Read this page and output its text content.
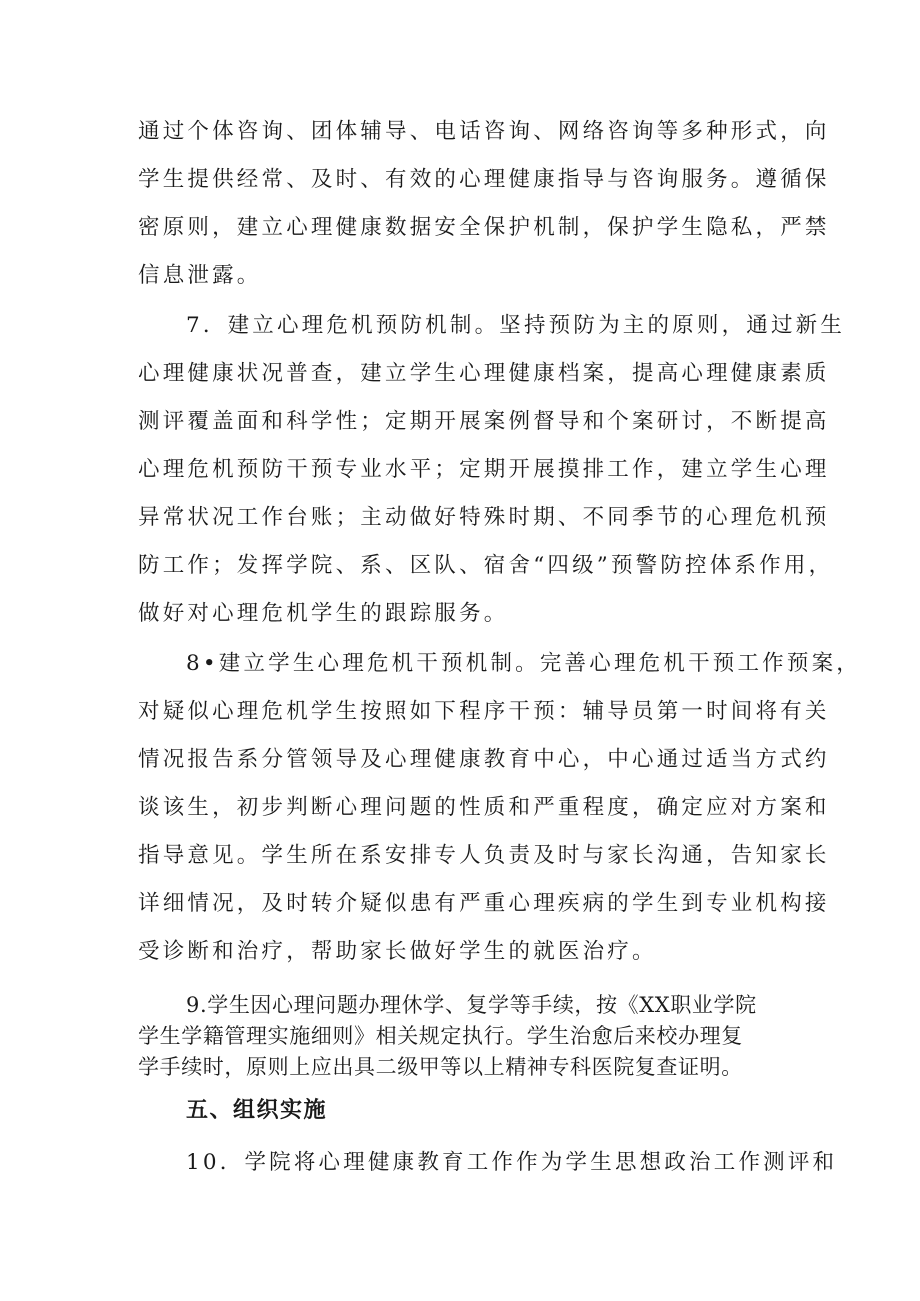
通过个体咨询、团体辅导、电话咨询、网络咨询等多种形式，向
学生提供经常、及时、有效的心理健康指导与咨询服务。遵循保
密原则，建立心理健康数据安全保护机制，保护学生隐私，严禁
信息泄露。
7．建立心理危机预防机制。坚持预防为主的原则，通过新生
心理健康状况普查，建立学生心理健康档案，提高心理健康素质
测评覆盖面和科学性；定期开展案例督导和个案研讨，不断提高
心理危机预防干预专业水平；定期开展摸排工作，建立学生心理
异常状况工作台账；主动做好特殊时期、不同季节的心理危机预
防工作；发挥学院、系、区队、宿舍“四级”预警防控体系作用，
做好对心理危机学生的跟踪服务。
8•建立学生心理危机干预机制。完善心理危机干预工作预案，
对疑似心理危机学生按照如下程序干预：辅导员第一时间将有关
情况报告系分管领导及心理健康教育中心，中心通过适当方式约
谈该生，初步判断心理问题的性质和严重程度，确定应对方案和
指导意见。学生所在系安排专人负责及时与家长沟通，告知家长
详细情况，及时转介疑似患有严重心理疾病的学生到专业机构接
受诊断和治疗，帮助家长做好学生的就医治疗。
9.学生因心理问题办理休学、复学等手续，按《XX职业学院
学生学籍管理实施细则》相关规定执行。学生治愈后来校办理复
学手续时，原则上应出具二级甲等以上精神专科医院复查证明。
五、组织实施
10．学院将心理健康教育工作作为学生思想政治工作测评和
